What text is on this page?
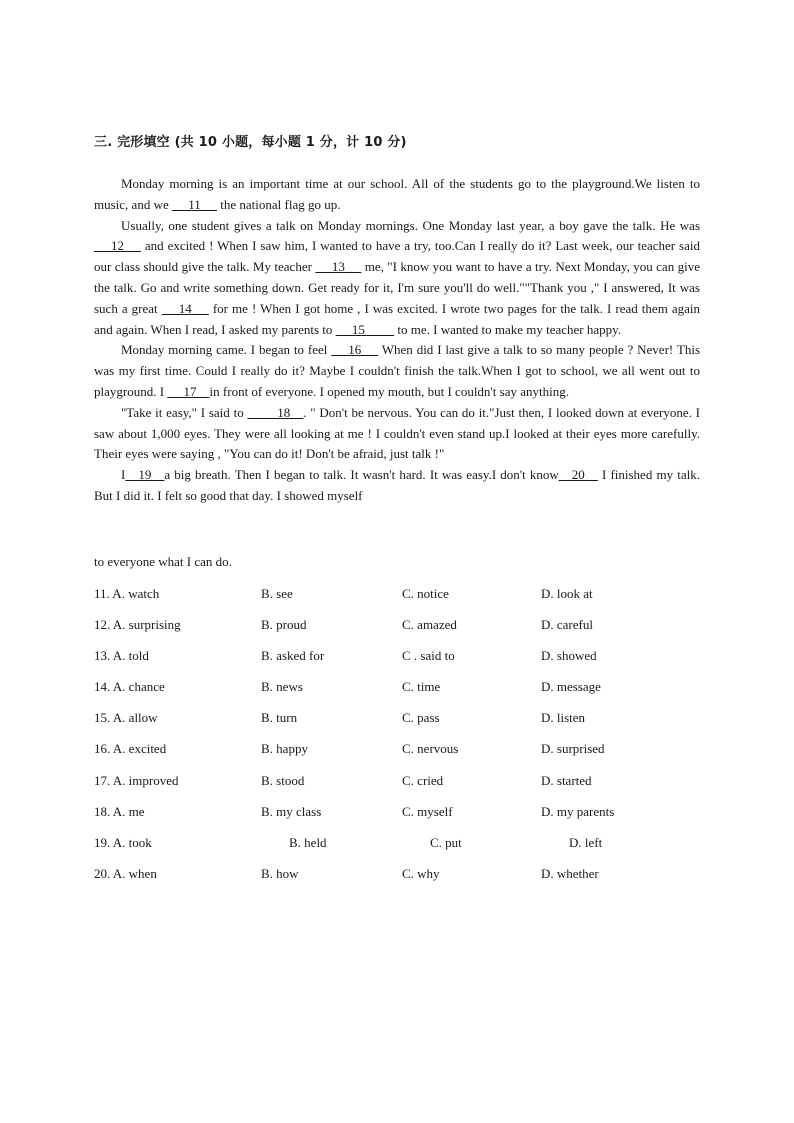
三. 完形填空 (共 10 小题，每小题 1 分，计 10 分)

Monday morning is an important time at our school. All of the students go to the playground.We listen to music, and we  __11__  the national flag go up.

Usually, one student gives a talk on Monday mornings. One Monday last year, a boy gave the talk. He was  __12__  and excited ! When I saw him, I wanted to have a try, too.Can I really do it? Last week, our teacher said our class should give the talk. My teacher  __13__  me, "I know you want to have a try. Next Monday, you can give the talk. Go and write something down. Get ready for it, I'm sure you'll do well.""Thank you ," I answered, It was such a great  __14__  for me ! When I got home , I was excited. I wrote two pages for the talk. I read them again and again. When I read, I asked my parents to  __15____  to me. I wanted to make my teacher happy.

Monday morning came. I began to feel  __16__  When did I last give a talk to so many people ? Never! This was my first time. Could I really do it? Maybe I couldn't finish the talk.When I got to school, we all went out to playground. I  __17__in front of everyone. I opened my mouth, but I couldn't say anything.

"Take it easy," I said to  ____18__. " Don't be nervous. You can do it."Just then, I looked down at everyone. I saw about 1,000 eyes. They were all looking at me ! I couldn't even stand up.I looked at their eyes more carefully. Their eyes were saying , "You can do it! Don't be afraid, just talk !"

I__19__a big breath. Then I began to talk. It wasn't hard. It was easy.I don't know__20__ I finished my talk. But I did it. I felt so good that day. I showed myself

to everyone what I can do.
11. A. watch	B. see	C. notice	D. look at
12. A. surprising	B. proud	C. amazed	D. careful
13. A. told	B. asked for	C . said to	D. showed
14. A. chance	B. news	C. time	D. message
15. A. allow	B. turn	C. pass	D. listen
16. A. excited	B. happy	C. nervous	D. surprised
17. A. improved	B. stood	C. cried	D. started
18. A. me	B. my class	C. myself	D. my parents
19. A. took	B. held	C. put	D. left
20. A. when	B. how	C. why	D. whether
